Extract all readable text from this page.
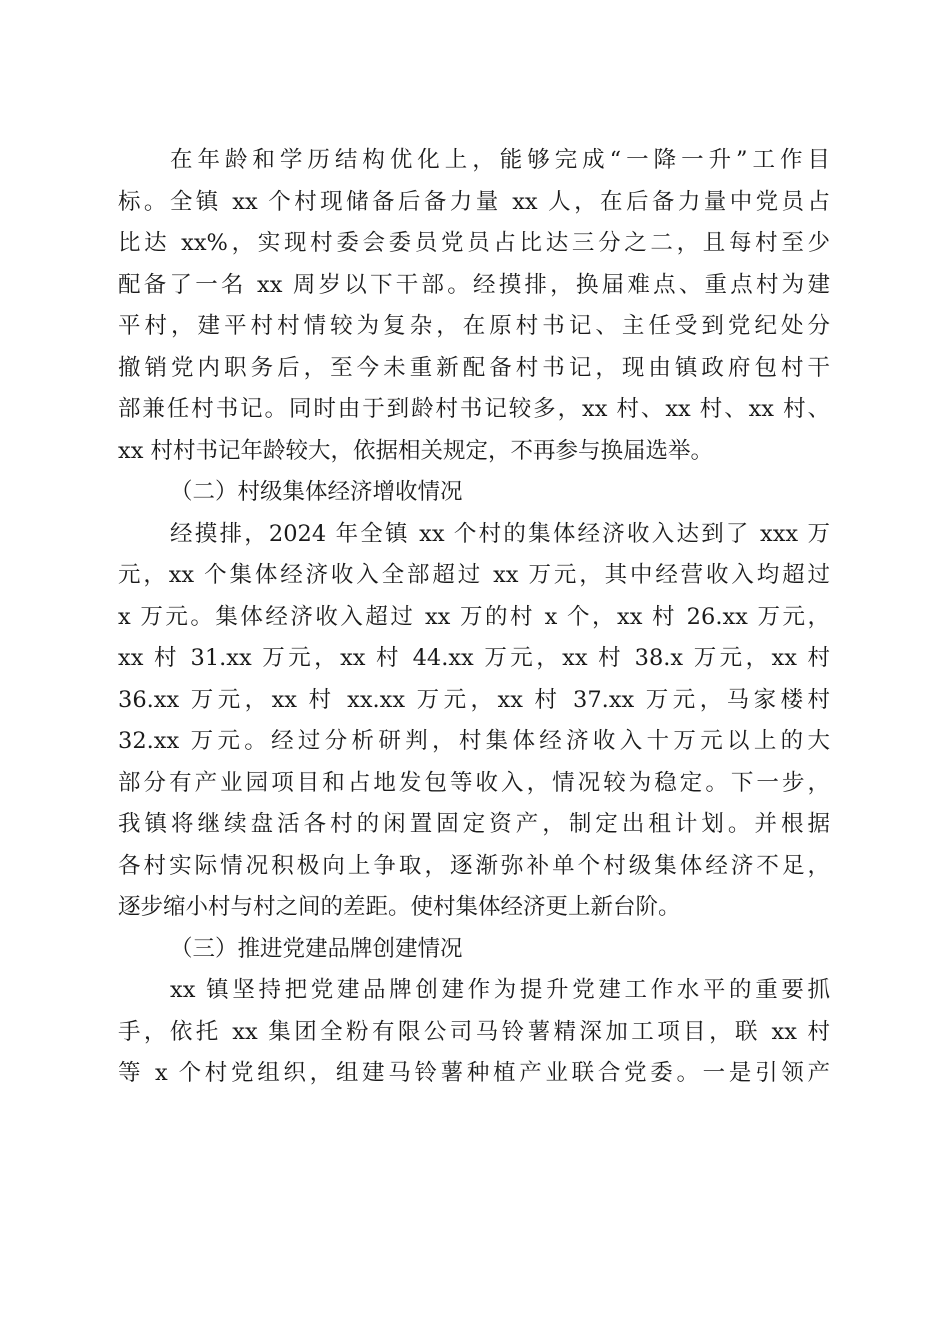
在年龄和学历结构优化上，能够完成“一降一升”工作目
标。全镇 xx 个村现储备后备力量 xx 人，在后备力量中党员占
比达 xx%，实现村委会委员党员占比达三分之二，且每村至少
配备了一名 xx 周岁以下干部。经摸排，换届难点、重点村为建
平村，建平村村情较为复杂，在原村书记、主任受到党纪处分
撤销党内职务后，至今未重新配备村书记，现由镇政府包村干
部兼任村书记。同时由于到龄村书记较多，xx 村、xx 村、xx 村、
xx 村村书记年龄较大，依据相关规定，不再参与换届选举。
（二）村级集体经济增收情况
经摸排，2024 年全镇 xx 个村的集体经济收入达到了 xxx 万
元，xx 个集体经济收入全部超过 xx 万元，其中经营收入均超过
x 万元。集体经济收入超过 xx 万的村 x 个，xx 村 26.xx 万元，
xx 村 31.xx 万元，xx 村 44.xx 万元，xx 村 38.x 万元，xx 村
36.xx 万元，xx 村 xx.xx 万元，xx 村 37.xx 万元，马家楼村
32.xx 万元。经过分析研判，村集体经济收入十万元以上的大
部分有产业园项目和占地发包等收入，情况较为稳定。下一步，
我镇将继续盘活各村的闲置固定资产，制定出租计划。并根据
各村实际情况积极向上争取，逐渐弥补单个村级集体经济不足，
逐步缩小村与村之间的差距。使村集体经济更上新台阶。
（三）推进党建品牌创建情况
xx 镇坚持把党建品牌创建作为提升党建工作水平的重要抓
手，依托 xx 集团全粉有限公司马铃薯精深加工项目，联 xx 村
等 x 个村党组织，组建马铃薯种植产业联合党委。一是引领产
